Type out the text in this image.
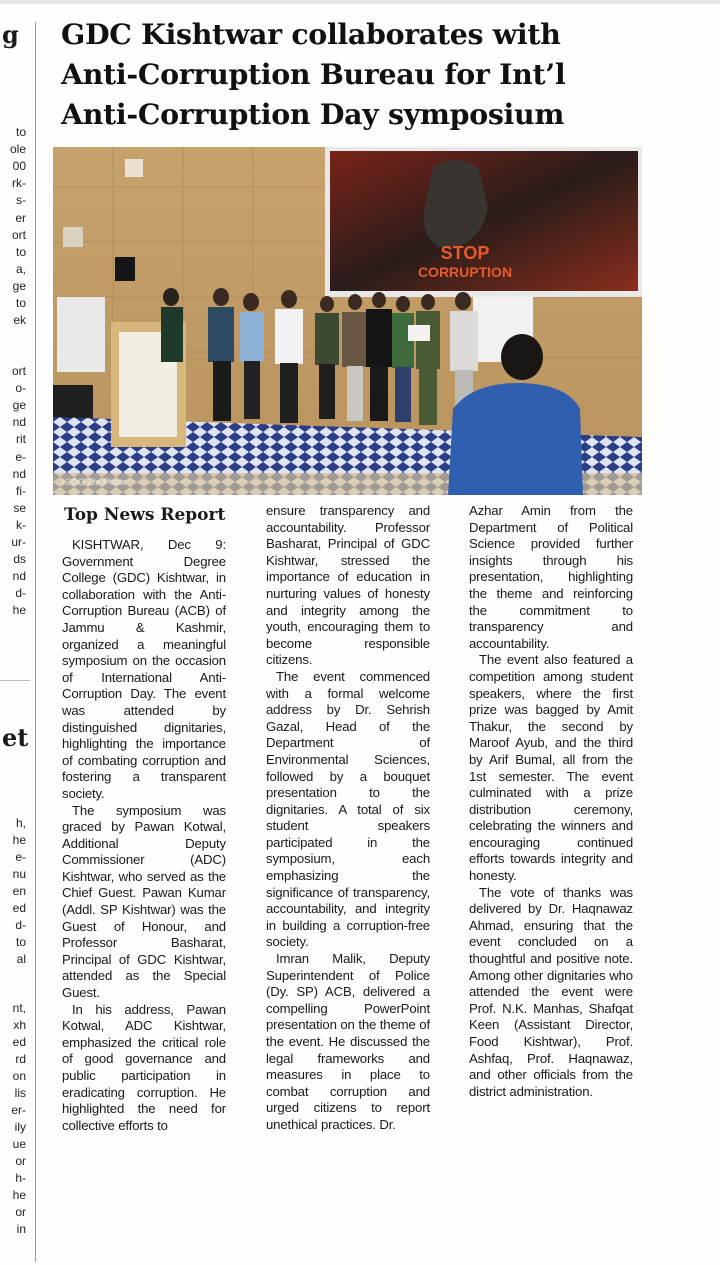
g
et
to
ole
00
rk-
s-
er
ort
to
a,
ge
to
ek
ort
o-
ge
nd
rit
e-
nd
fi-
se
k-
ur-
ds
nd
d-
he
h,
he
e-
nu
en
ed
d-
to
al
nt,
xh
ed
rd
on
lis
er-
ily
ue
or
h-
he
or
in
GDC Kishtwar collaborates with
Anti-Corruption Bureau for Int’l
Anti-Corruption Day symposium
STOP
CORRUPTION
ICOO Zfe Photo
Top News Report

KISHTWAR, Dec 9: Government Degree College (GDC) Kishtwar, in collaboration with the Anti-Corruption Bureau (ACB) of Jammu & Kashmir, organized a meaningful symposium on the occasion of International Anti-Corruption Day. The event was attended by distinguished dignitaries, highlighting the importance of combating corruption and fostering a transparent society.

The symposium was graced by Pawan Kotwal, Additional Deputy Commissioner (ADC) Kishtwar, who served as the Chief Guest. Pawan Kumar (Addl. SP Kishtwar) was the Guest of Honour, and Professor Basharat, Principal of GDC Kishtwar, attended as the Special Guest.

In his address, Pawan Kotwal, ADC Kishtwar, emphasized the critical role of good governance and public participation in eradicating corruption. He highlighted the need for collective efforts to

ensure transparency and accountability. Professor Basharat, Principal of GDC Kishtwar, stressed the importance of education in nurturing values of honesty and integrity among the youth, encouraging them to become responsible citizens.

The event commenced with a formal welcome address by Dr. Sehrish Gazal, Head of the Department of Environmental Sciences, followed by a bouquet presentation to the dignitaries. A total of six student speakers participated in the symposium, each emphasizing the significance of transparency, accountability, and integrity in building a corruption-free society.

Imran Malik, Deputy Superintendent of Police (Dy. SP) ACB, delivered a compelling PowerPoint presentation on the theme of the event. He discussed the legal frameworks and measures in place to combat corruption and urged citizens to report unethical practices. Dr.

Azhar Amin from the Department of Political Science provided further insights through his presentation, highlighting the theme and reinforcing the commitment to transparency and accountability.

The event also featured a competition among student speakers, where the first prize was bagged by Amit Thakur, the second by Maroof Ayub, and the third by Arif Bumal, all from the 1st semester. The event culminated with a prize distribution ceremony, celebrating the winners and encouraging continued efforts towards integrity and honesty.

The vote of thanks was delivered by Dr. Haqnawaz Ahmad, ensuring that the event concluded on a thoughtful and positive note. Among other dignitaries who attended the event were Prof. N.K. Manhas, Shafqat Keen (Assistant Director, Food Kishtwar), Prof. Ashfaq, Prof. Haqnawaz, and other officials from the district administration.
